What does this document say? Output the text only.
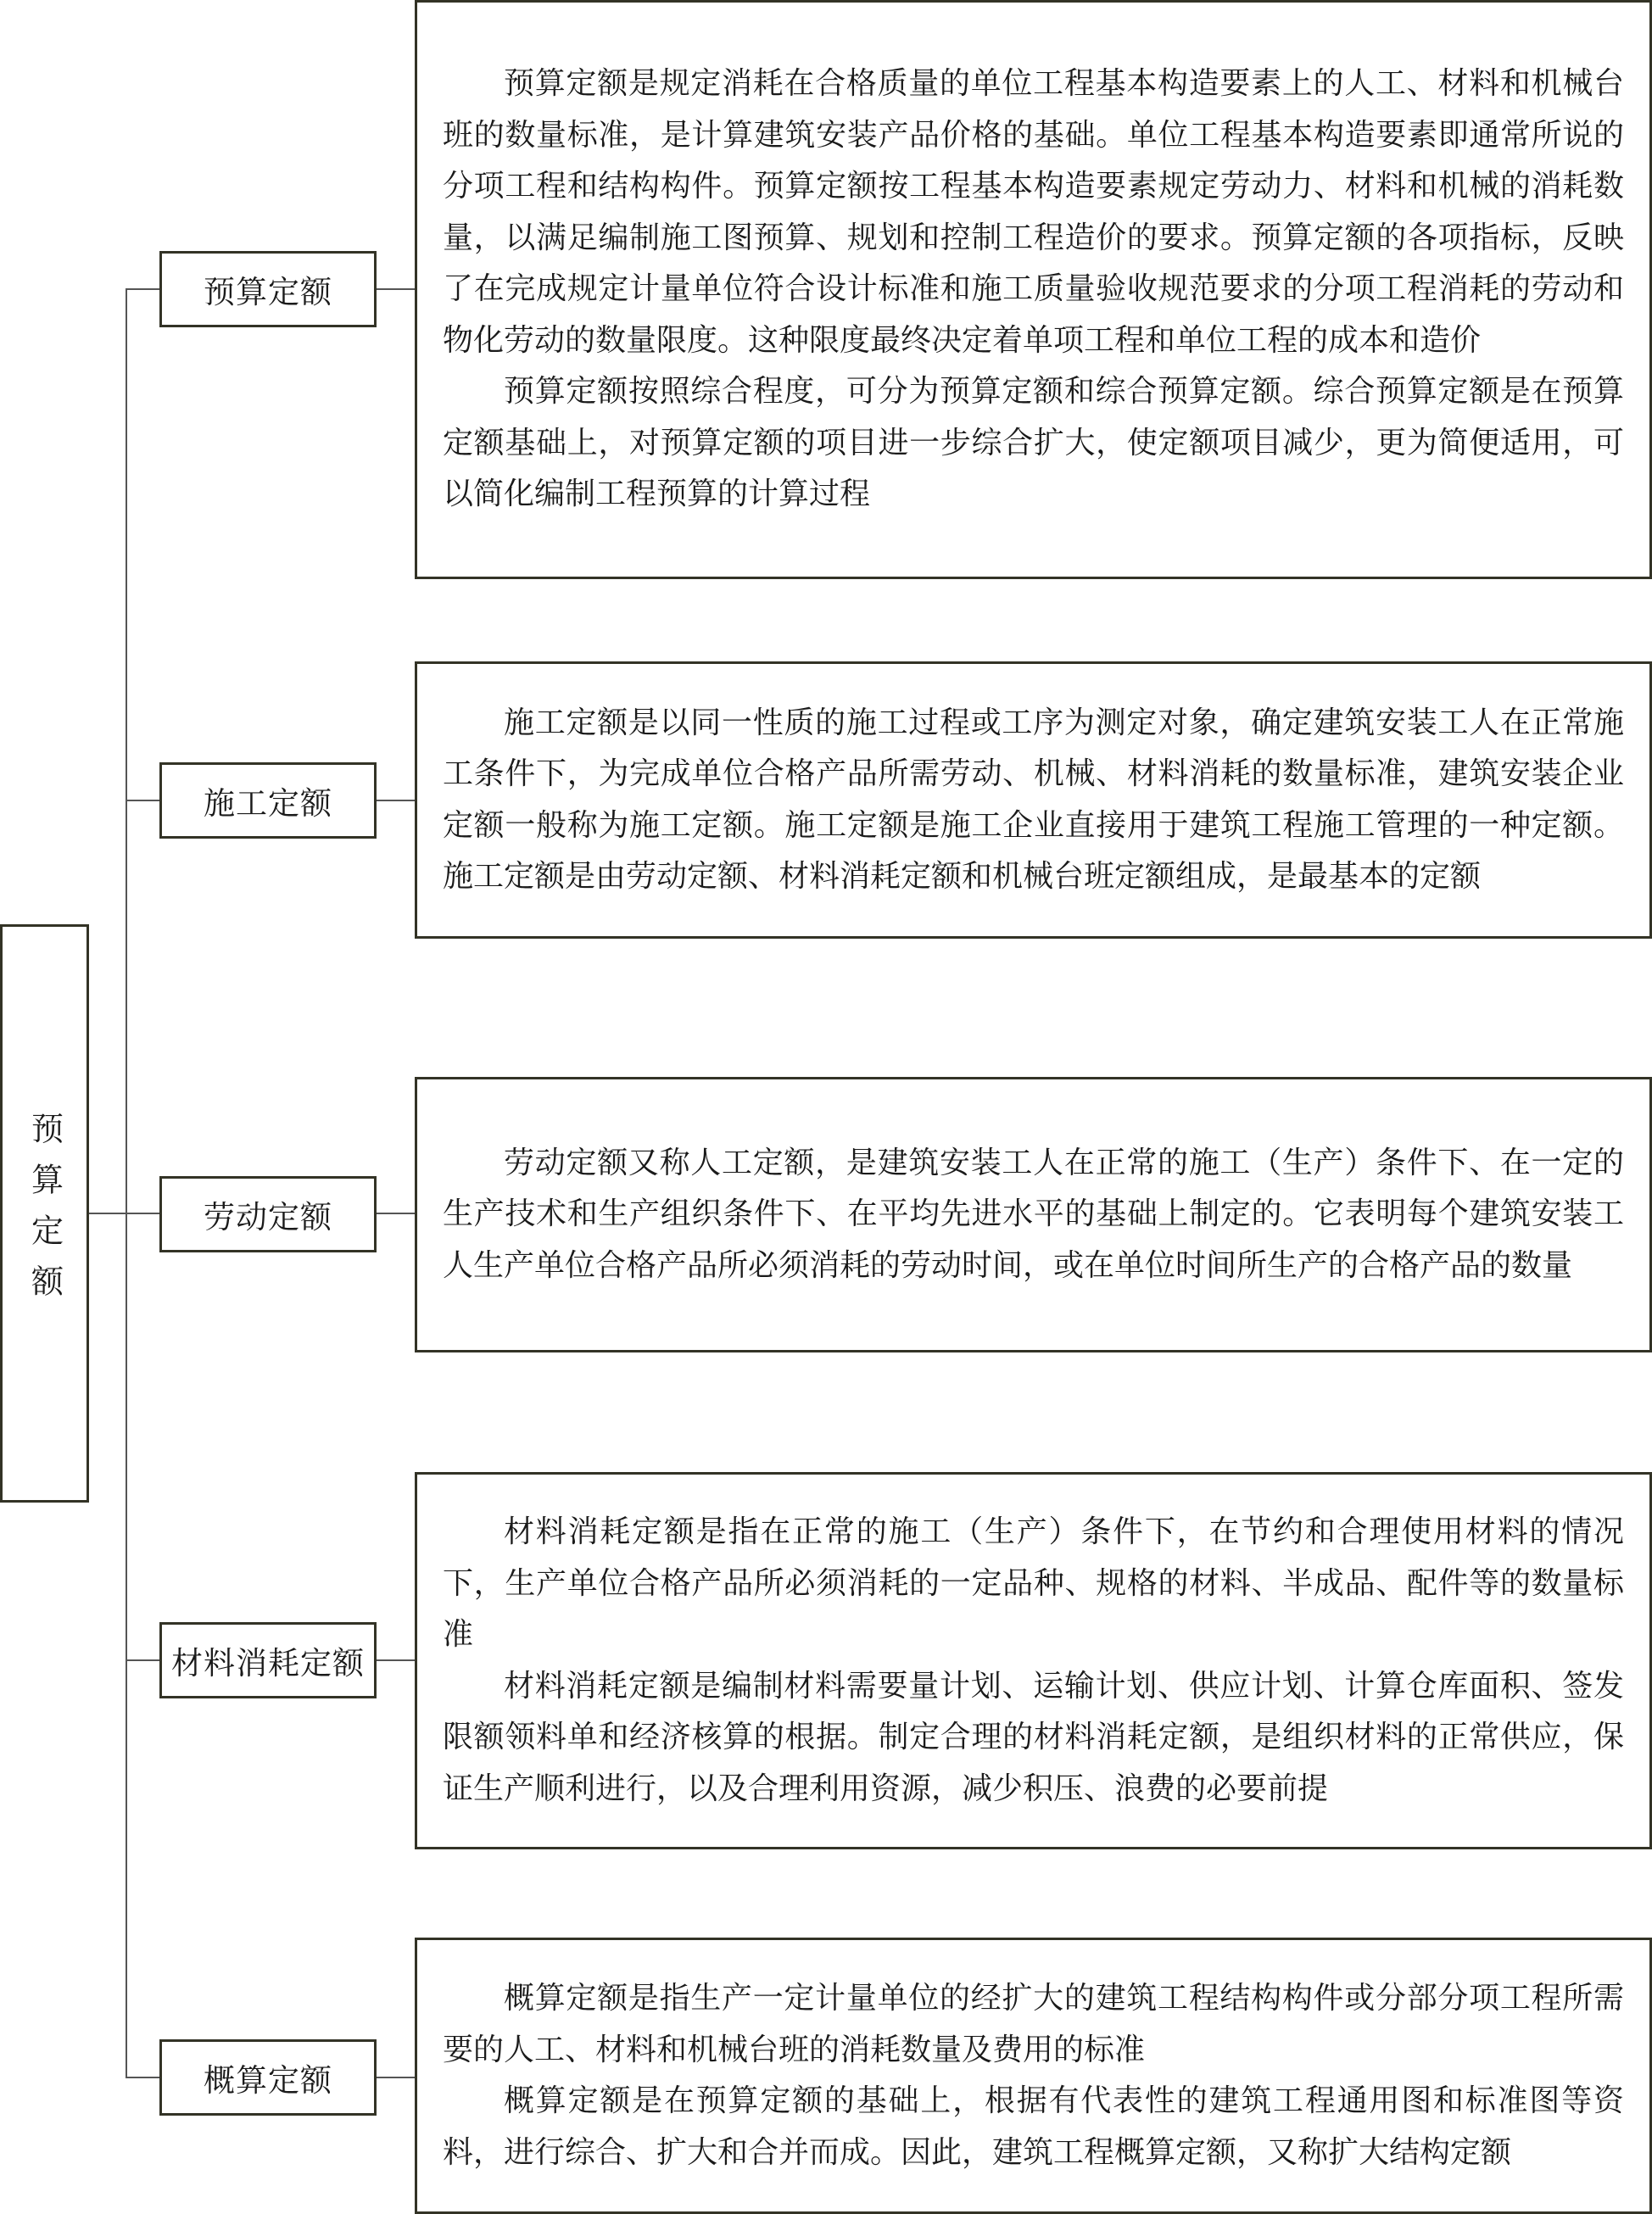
预算定额
预算定额

预算定额是规定消耗在合格质量的单位工程基本构造要素上的人工、材料和机械台班的数量标准，是计算建筑安装产品价格的基础。单位工程基本构造要素即通常所说的分项工程和结构构件。预算定额按工程基本构造要素规定劳动力、材料和机械的消耗数量，以满足编制施工图预算、规划和控制工程造价的要求。预算定额的各项指标，反映了在完成规定计量单位符合设计标准和施工质量验收规范要求的分项工程消耗的劳动和物化劳动的数量限度。这种限度最终决定着单项工程和单位工程的成本和造价

预算定额按照综合程度，可分为预算定额和综合预算定额。综合预算定额是在预算定额基础上，对预算定额的项目进一步综合扩大，使定额项目减少，更为简便适用，可以简化编制工程预算的计算过程

施工定额

施工定额是以同一性质的施工过程或工序为测定对象，确定建筑安装工人在正常施工条件下，为完成单位合格产品所需劳动、机械、材料消耗的数量标准，建筑安装企业定额一般称为施工定额。施工定额是施工企业直接用于建筑工程施工管理的一种定额。施工定额是由劳动定额、材料消耗定额和机械台班定额组成，是最基本的定额

劳动定额

劳动定额又称人工定额，是建筑安装工人在正常的施工（生产）条件下、在一定的生产技术和生产组织条件下、在平均先进水平的基础上制定的。它表明每个建筑安装工人生产单位合格产品所必须消耗的劳动时间，或在单位时间所生产的合格产品的数量

材料消耗定额

材料消耗定额是指在正常的施工（生产）条件下，在节约和合理使用材料的情况下，生产单位合格产品所必须消耗的一定品种、规格的材料、半成品、配件等的数量标准

材料消耗定额是编制材料需要量计划、运输计划、供应计划、计算仓库面积、签发限额领料单和经济核算的根据。制定合理的材料消耗定额，是组织材料的正常供应，保证生产顺利进行，以及合理利用资源，减少积压、浪费的必要前提

概算定额

概算定额是指生产一定计量单位的经扩大的建筑工程结构构件或分部分项工程所需要的人工、材料和机械台班的消耗数量及费用的标准

概算定额是在预算定额的基础上，根据有代表性的建筑工程通用图和标准图等资料，进行综合、扩大和合并而成。因此，建筑工程概算定额，又称扩大结构定额
